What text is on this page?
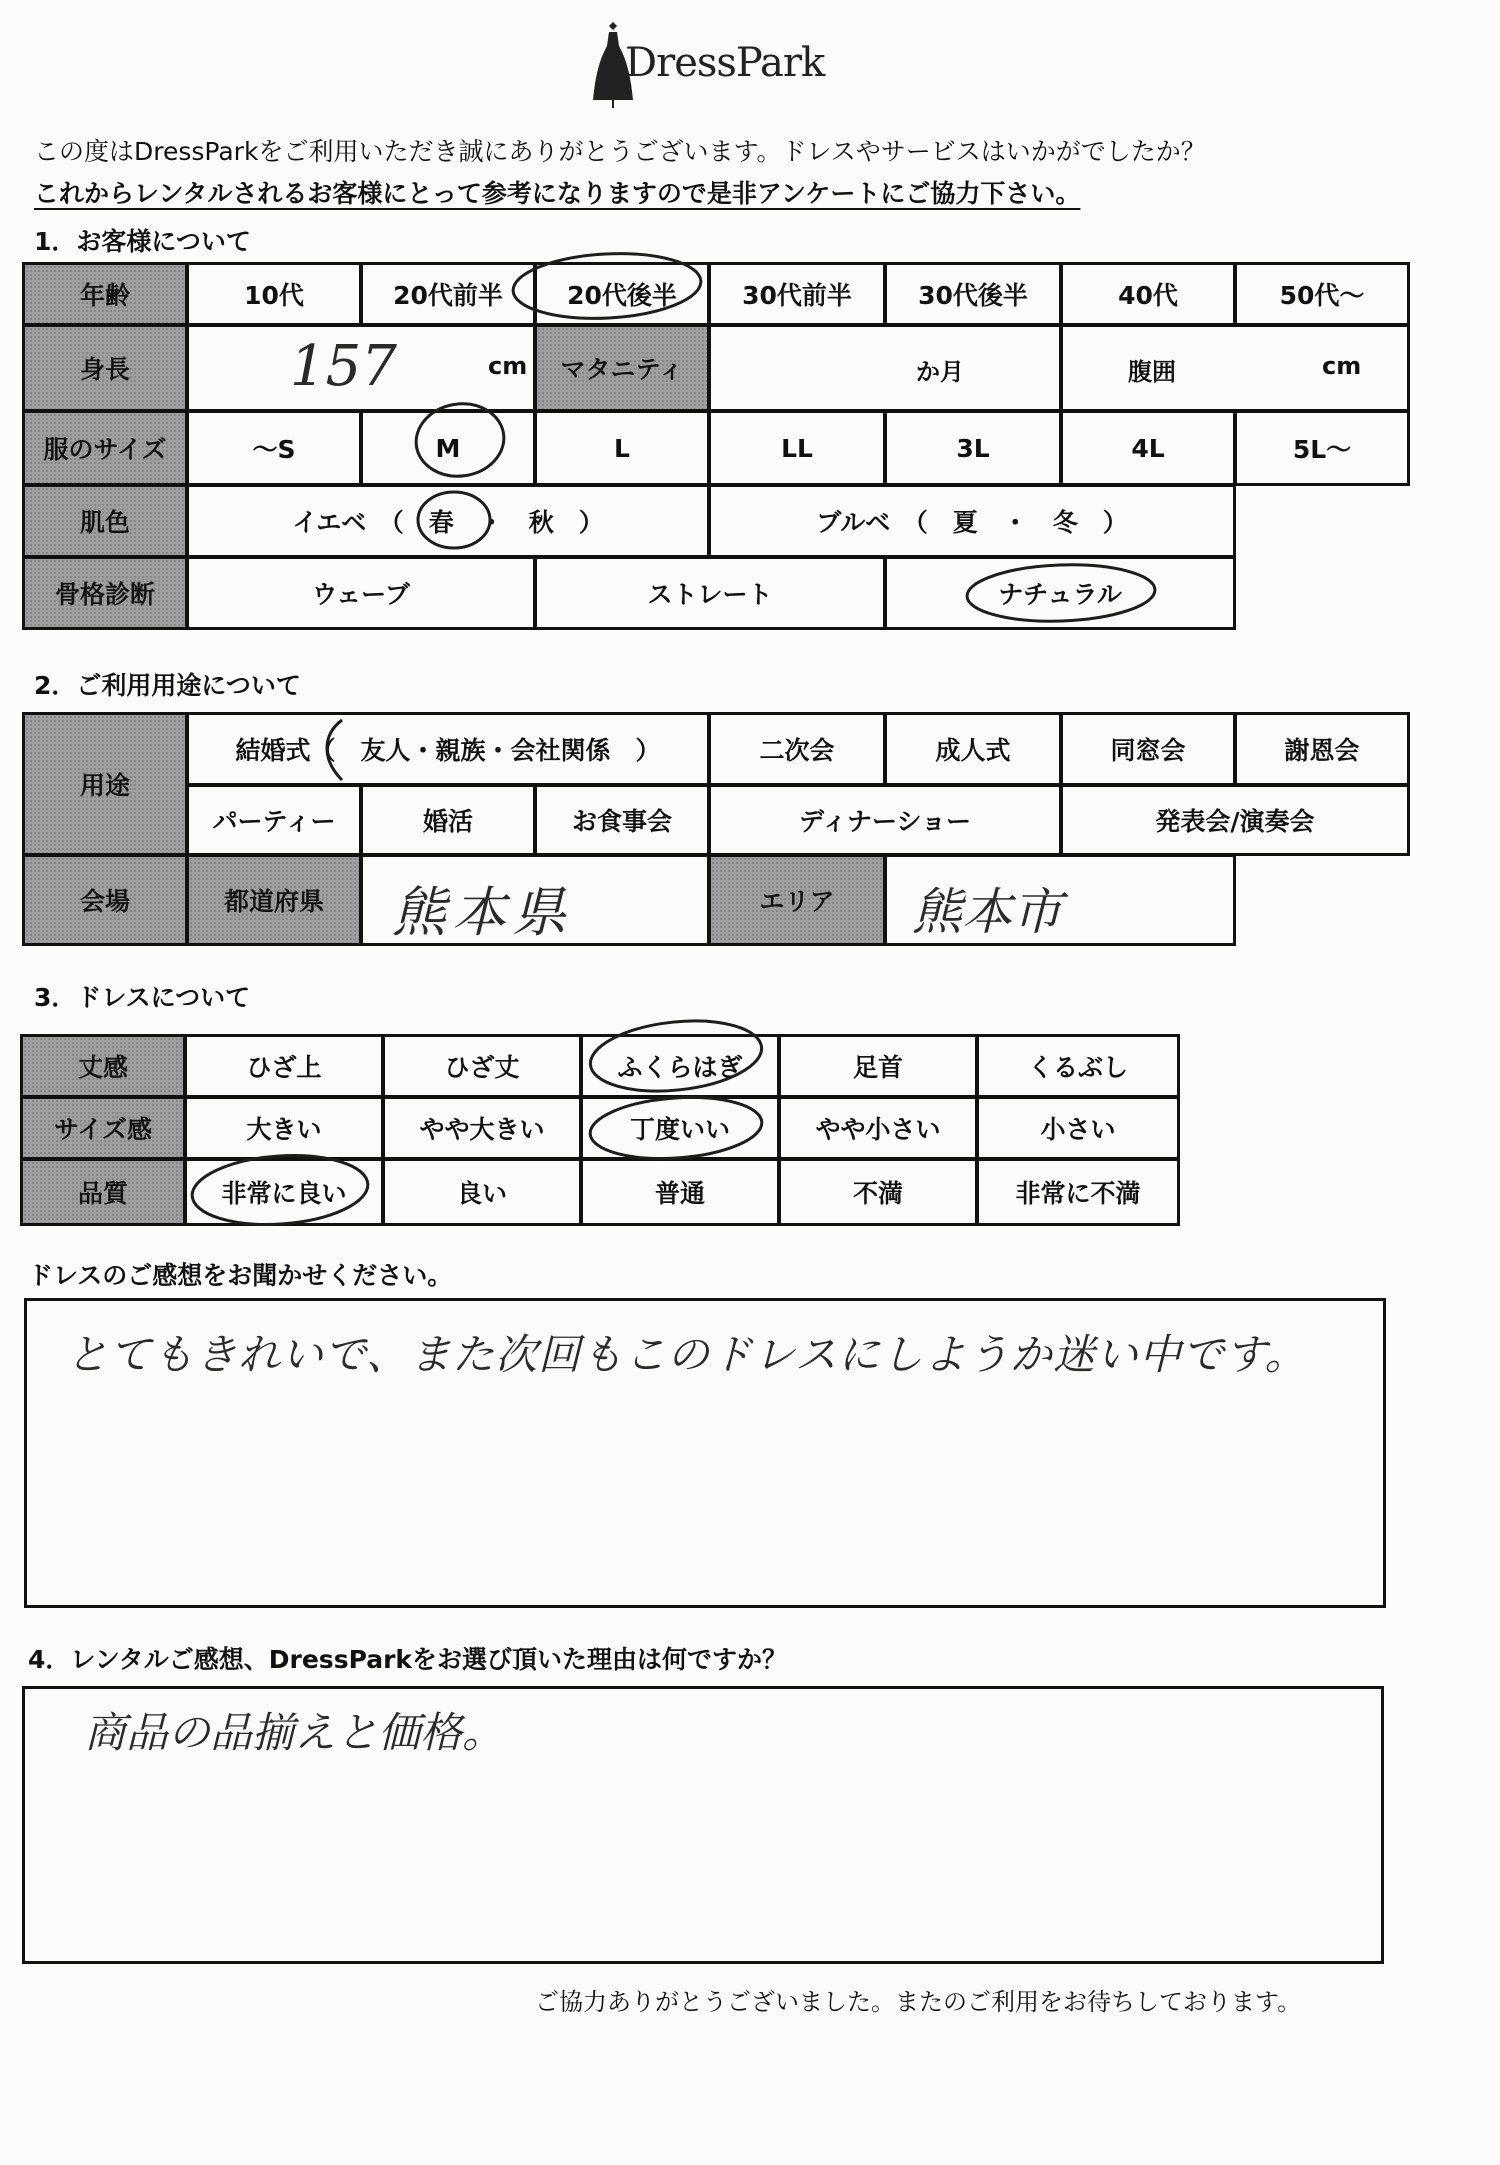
DressPark
この度はDressParkをご利用いただき誠にありがとうございます。ドレスやサービスはいかがでしたか？
これからレンタルされるお客様にとって参考になりますので是非アンケートにご協力下さい。
1．お客様について
年齢	10代	20代前半	20代後半	30代前半	30代後半	40代	50代～
身長	157	cm	マタニティ	か月	腹囲	cm
服のサイズ	～S	M	L	LL	3L	4L	5L～
肌色	イエベ　（　春　・　秋　）	ブルベ　（　夏　・　冬　）
骨格診断	ウェーブ	ストレート	ナチュラル
2．ご利用用途について
用途
結婚式（　友人・親族・会社関係　）	二次会	成人式	同窓会	謝恩会
パーティー	婚活	お食事会	ディナーショー	発表会/演奏会
会場	都道府県	熊本県	エリア	熊本市
3．ドレスについて
丈感	ひざ上	ひざ丈	ふくらはぎ	足首	くるぶし
サイズ感	大きい	やや大きい	丁度いい	やや小さい	小さい
品質	非常に良い	良い	普通	不満	非常に不満
ドレスのご感想をお聞かせください。
とてもきれいで、また次回もこのドレスにしようか迷い中です。
4．レンタルご感想、DressParkをお選び頂いた理由は何ですか？
商品の品揃えと価格。
ご協力ありがとうございました。またのご利用をお待ちしております。
